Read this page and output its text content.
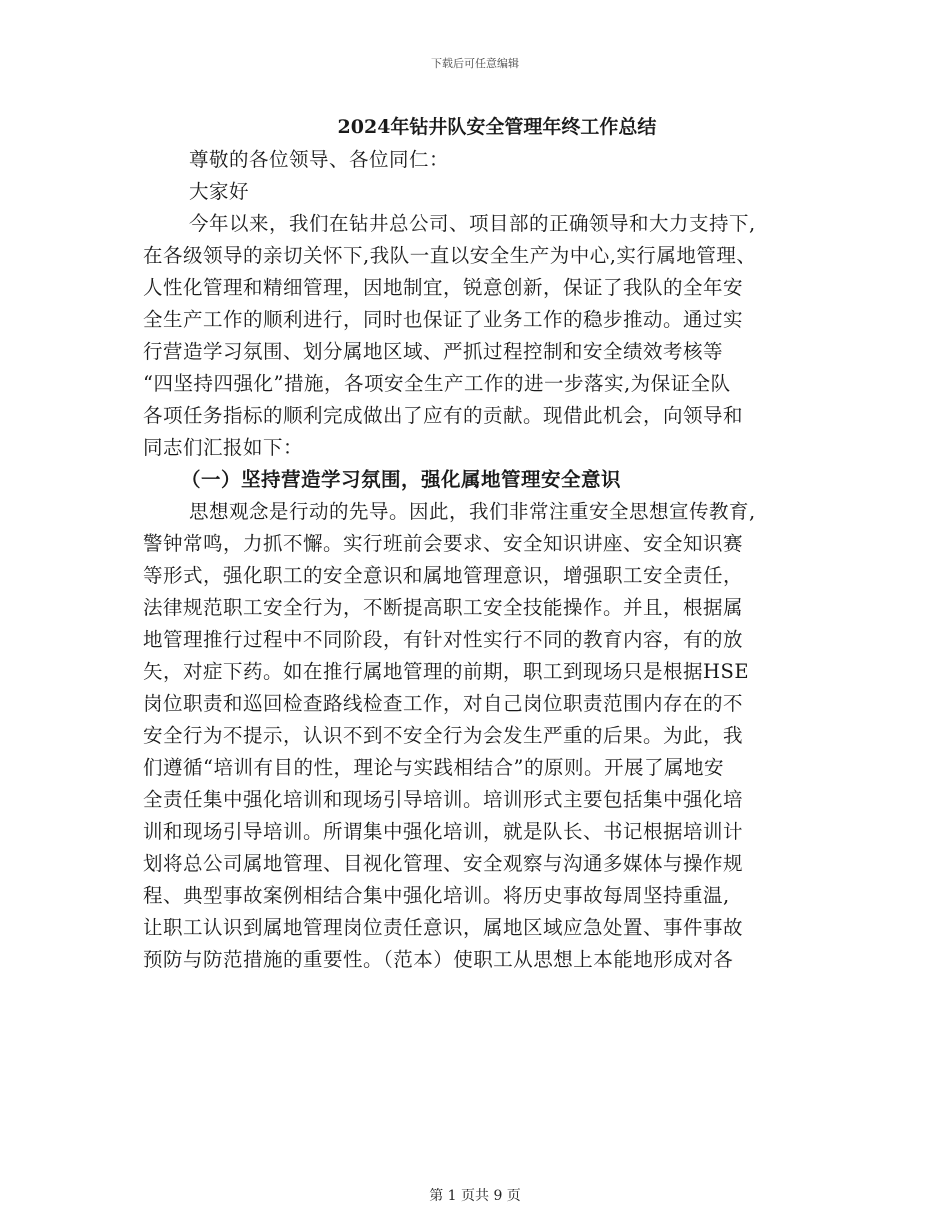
下载后可任意编辑
2024年钻井队安全管理年终工作总结

尊敬的各位领导、各位同仁：

大家好

今年以来，我们在钻井总公司、项目部的正确领导和大力支持下,
在各级领导的亲切关怀下,我队一直以安全生产为中心,实行属地管理、
人性化管理和精细管理，因地制宜，锐意创新，保证了我队的全年安
全生产工作的顺利进行，同时也保证了业务工作的稳步推动。通过实
行营造学习氛围、划分属地区域、严抓过程控制和安全绩效考核等
“四坚持四强化”措施，各项安全生产工作的进一步落实,为保证全队
各项任务指标的顺利完成做出了应有的贡献。现借此机会，向领导和
同志们汇报如下：

（一）坚持营造学习氛围，强化属地管理安全意识

思想观念是行动的先导。因此，我们非常注重安全思想宣传教育,
警钟常鸣，力抓不懈。实行班前会要求、安全知识讲座、安全知识赛
等形式，强化职工的安全意识和属地管理意识，增强职工安全责任，
法律规范职工安全行为，不断提高职工安全技能操作。并且，根据属
地管理推行过程中不同阶段，有针对性实行不同的教育内容，有的放
矢，对症下药。如在推行属地管理的前期，职工到现场只是根据HSE
岗位职责和巡回检查路线检查工作，对自己岗位职责范围内存在的不
安全行为不提示，认识不到不安全行为会发生严重的后果。为此，我
们遵循“培训有目的性，理论与实践相结合”的原则。开展了属地安
全责任集中强化培训和现场引导培训。培训形式主要包括集中强化培
训和现场引导培训。所谓集中强化培训，就是队长、书记根据培训计
划将总公司属地管理、目视化管理、安全观察与沟通多媒体与操作规
程、典型事故案例相结合集中强化培训。将历史事故每周坚持重温,
让职工认识到属地管理岗位责任意识，属地区域应急处置、事件事故
预防与防范措施的重要性。（范本）使职工从思想上本能地形成对各

第 1 页共 9 页
